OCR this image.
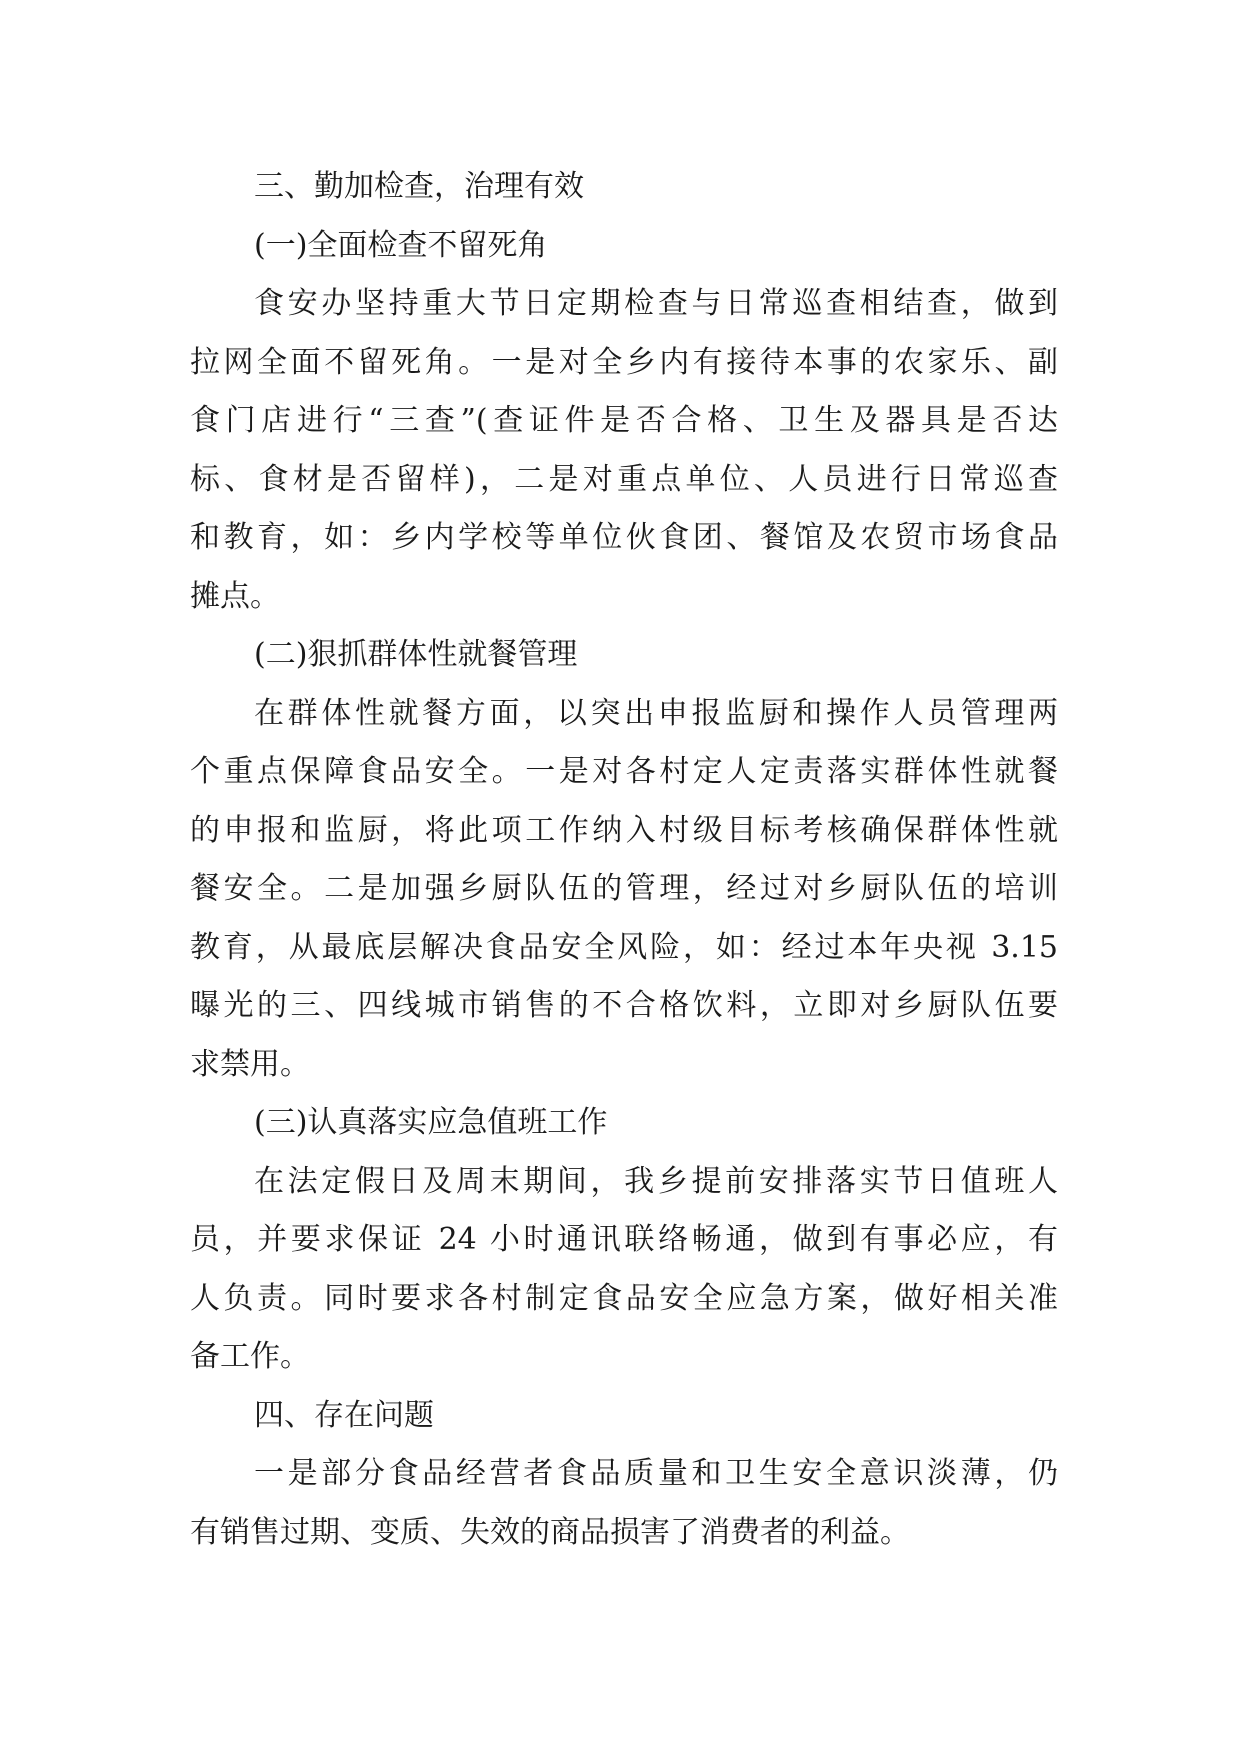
三、勤加检查，治理有效
(一)全面检查不留死角
食安办坚持重大节日定期检查与日常巡查相结查，做到
拉网全面不留死角。一是对全乡内有接待本事的农家乐、副
食门店进行“三查”(查证件是否合格、卫生及器具是否达
标、食材是否留样)，二是对重点单位、人员进行日常巡查
和教育，如：乡内学校等单位伙食团、餐馆及农贸市场食品
摊点。
(二)狠抓群体性就餐管理
在群体性就餐方面，以突出申报监厨和操作人员管理两
个重点保障食品安全。一是对各村定人定责落实群体性就餐
的申报和监厨，将此项工作纳入村级目标考核确保群体性就
餐安全。二是加强乡厨队伍的管理，经过对乡厨队伍的培训
教育，从最底层解决食品安全风险，如：经过本年央视 3.15
曝光的三、四线城市销售的不合格饮料，立即对乡厨队伍要
求禁用。
(三)认真落实应急值班工作
在法定假日及周末期间，我乡提前安排落实节日值班人
员，并要求保证 24 小时通讯联络畅通，做到有事必应，有
人负责。同时要求各村制定食品安全应急方案，做好相关准
备工作。
四、存在问题
一是部分食品经营者食品质量和卫生安全意识淡薄，仍
有销售过期、变质、失效的商品损害了消费者的利益。
